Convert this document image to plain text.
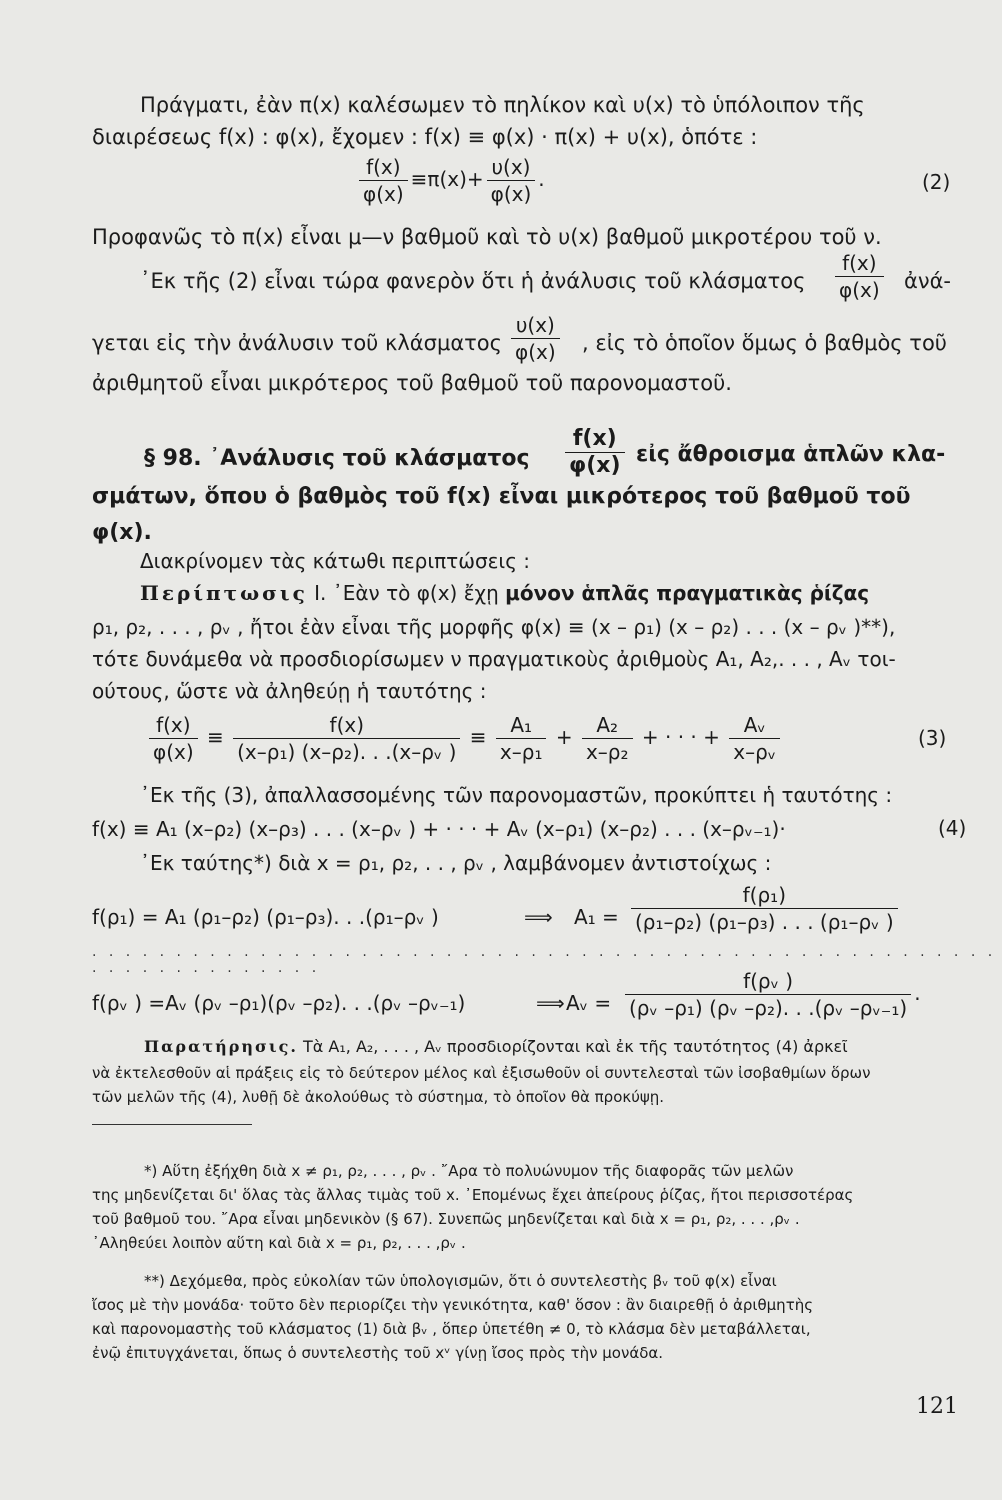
Πράγματι, ἐὰν π(x) καλέσωμεν τὸ πηλίκον καὶ υ(x) τὸ ὑπόλοιπον τῆς
διαιρέσεως f(x) : φ(x), ἔχομεν : f(x) ≡ φ(x) · π(x) + υ(x), ὁπότε :
$\frac{f(x)}{\varphi(x)} \equiv\pi(x)+ \frac{\upsilon(x)}{\varphi(x)}$ .	(2)
Προφανῶς τὸ π(x) εἶναι μ—ν βαθμοῦ καὶ τὸ υ(x) βαθμοῦ μικροτέρου τοῦ ν.
᾿Εκ τῆς (2) εἶναι τώρα φανερὸν ὅτι ἡ ἀνάλυσις τοῦ κλάσματος $\frac{f(x)}{\varphi(x)}$ ἀνά-
γεται εἰς τὴν ἀνάλυσιν τοῦ κλάσματος $\frac{\upsilon(x)}{\varphi(x)}$ , εἰς τὸ ὁποῖον ὅμως ὁ βαθμὸς τοῦ
ἀριθμητοῦ εἶναι μικρότερος τοῦ βαθμοῦ τοῦ παρονομαστοῦ.
§ 98. ᾿Ανάλυσις τοῦ κλάσματος $\frac{f(x)}{\varphi(x)}$ εἰς ἄθροισμα ἁπλῶν κλα-
σμάτων, ὅπου ὁ βαθμὸς τοῦ f(x) εἶναι μικρότερος τοῦ βαθμοῦ τοῦ
φ(x).
Διακρίνομεν τὰς κάτωθι περιπτώσεις :
Περίπτωσις I. ᾿Εὰν τὸ φ(x) ἔχῃ μόνον ἁπλᾶς πραγματικὰς ῥίζας
ρ₁, ρ₂, . . . , ρᵥ , ἤτοι ἐὰν εἶναι τῆς μορφῆς φ(x) ≡ (x – ρ₁) (x – ρ₂) . . . (x – ρᵥ )**),
τότε δυνάμεθα νὰ προσδιορίσωμεν ν πραγματικοὺς ἀριθμοὺς A₁, A₂,. . . , Aᵥ τοι-
ούτους, ὥστε νὰ ἀληθεύῃ ἡ ταυτότης :
$\frac{f(x)}{\varphi(x)} \equiv \frac{f(x)}{\text{(x–ρ₁) (x–ρ₂). . .(x–ρᵥ )}} \equiv \frac{\text{A₁}}{\text{x–ρ₁}} + \frac{\text{A₂}}{\text{x–ρ₂}}$ + · · · + $\frac{\text{Aᵥ}}{\text{x–ρᵥ}}$	(3)
᾿Εκ τῆς (3), ἀπαλλασσομένης τῶν παρονομαστῶν, προκύπτει ἡ ταυτότης :
f(x) ≡ A₁ (x–ρ₂) (x–ρ₃) . . . (x–ρᵥ ) + · · · + Aᵥ (x–ρ₁) (x–ρ₂) . . . (x–ρᵥ₋₁)·	(4)
᾿Εκ ταύτης*) διὰ x = ρ₁, ρ₂, . . , ρᵥ , λαμβάνομεν ἀντιστοίχως :
f(ρ₁) = A₁ (ρ₁–ρ₂) (ρ₁–ρ₃). . .(ρ₁–ρᵥ )	⟹ $A_1 = \frac{\text{f(ρ₁)}}{\text{(ρ₁–ρ₂) (ρ₁–ρ₃) . . . (ρ₁–ρᵥ )}}$
. . . . . . . . . . . . . . . . . . . . . . . . . . . . . . . . . . . . . . . . . . . . . . . . . . . . . . . . . . . . . . . . . . . .
f(ρᵥ ) =Aᵥ (ρᵥ –ρ₁)(ρᵥ –ρ₂). . .(ρᵥ –ρᵥ₋₁)	⟹ Aᵥ = $\frac{\text{f(ρᵥ )}}{\text{(ρᵥ –ρ₁) (ρᵥ –ρ₂). . .(ρᵥ –ρᵥ₋₁)}}$ .
Παρατήρησις. Τὰ A₁, A₂, . . . , Aᵥ προσδιορίζονται καὶ ἐκ τῆς ταυτότητος (4) ἀρκεῖ
νὰ ἐκτελεσθοῦν αἱ πράξεις εἰς τὸ δεύτερον μέλος καὶ ἐξισωθοῦν οἱ συντελεσταὶ τῶν ἰσοβαθμίων ὅρων
τῶν μελῶν τῆς (4), λυθῇ δὲ ἀκολούθως τὸ σύστημα, τὸ ὁποῖον θὰ προκύψῃ.
*) Αὕτη ἐξήχθη διὰ x ≠ ρ₁, ρ₂, . . . , ρᵥ . ῎Αρα τὸ πολυώνυμον τῆς διαφορᾶς τῶν μελῶν
της μηδενίζεται δι' ὅλας τὰς ἄλλας τιμὰς τοῦ x. ᾿Επομένως ἔχει ἀπείρους ῥίζας, ἤτοι περισσοτέρας
τοῦ βαθμοῦ του. ῎Αρα εἶναι μηδενικὸν (§ 67). Συνεπῶς μηδενίζεται καὶ διὰ x = ρ₁, ρ₂, . . . ,ρᵥ .
᾿Αληθεύει λοιπὸν αὕτη καὶ διὰ x = ρ₁, ρ₂, . . . ,ρᵥ .
**) Δεχόμεθα, πρὸς εὐκολίαν τῶν ὑπολογισμῶν, ὅτι ὁ συντελεστὴς βᵥ τοῦ φ(x) εἶναι
ἴσος μὲ τὴν μονάδα· τοῦτο δὲν περιορίζει τὴν γενικότητα, καθ' ὅσον : ἂν διαιρεθῇ ὁ ἀριθμητὴς
καὶ παρονομαστὴς τοῦ κλάσματος (1) διὰ βᵥ , ὅπερ ὑπετέθη ≠ 0, τὸ κλάσμα δὲν μεταβάλλεται,
ἐνῷ ἐπιτυγχάνεται, ὅπως ὁ συντελεστὴς τοῦ xᵛ γίνῃ ἴσος πρὸς τὴν μονάδα.
121
